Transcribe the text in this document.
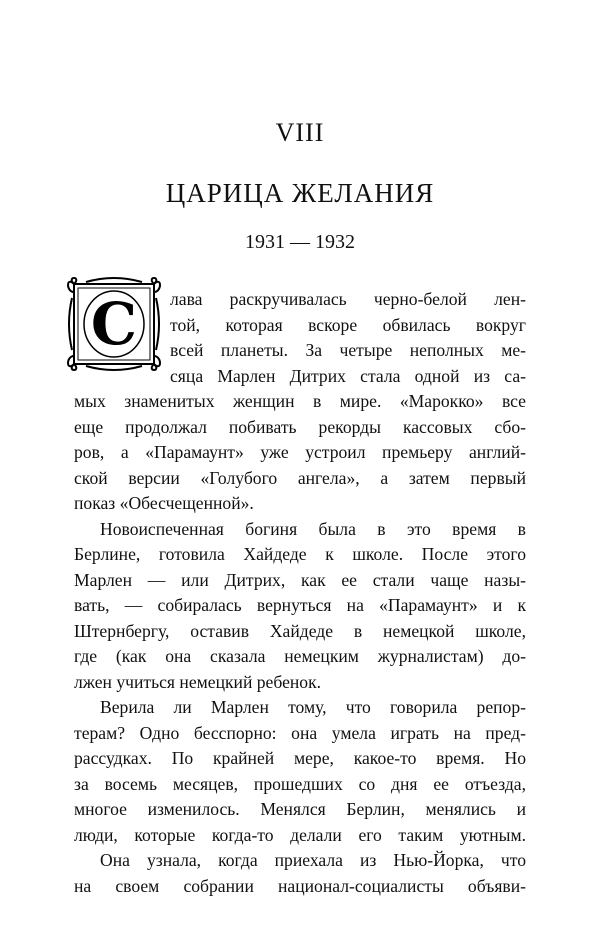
VIII
ЦАРИЦА ЖЕЛАНИЯ
1931 — 1932
С	лава раскручивалась черно-белой лен-
той, которая вскоре обвилась вокруг
всей планеты. За четыре неполных ме-
сяца Марлен Дитрих стала одной из са-
мых знаменитых женщин в мире. «Марокко» все
еще продолжал побивать рекорды кассовых сбо-
ров, а «Парамаунт» уже устроил премьеру англий-
ской версии «Голубого ангела», а затем первый
показ «Обесчещенной».
Новоиспеченная богиня была в это время в
Берлине, готовила Хайдеде к школе. После этого
Марлен — или Дитрих, как ее стали чаще назы-
вать, — собиралась вернуться на «Парамаунт» и к
Штернбергу, оставив Хайдеде в немецкой школе,
где (как она сказала немецким журналистам) до-
лжен учиться немецкий ребенок.
Верила ли Марлен тому, что говорила репор-
терам? Одно бесспорно: она умела играть на пред-
рассудках. По крайней мере, какое-то время. Но
за восемь месяцев, прошедших со дня ее отъезда,
многое изменилось. Менялся Берлин, менялись и
люди, которые когда-то делали его таким уютным.
Она узнала, когда приехала из Нью-Йорка, что
на своем собрании национал-социалисты объяви-
